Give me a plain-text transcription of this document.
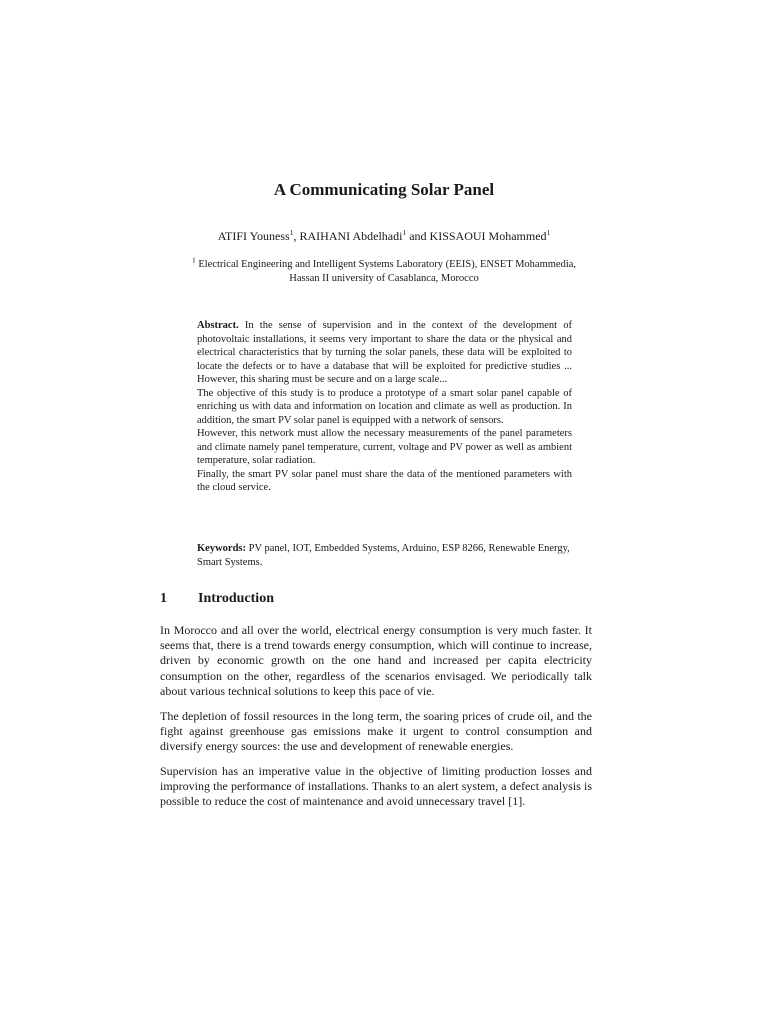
A Communicating Solar Panel
ATIFI Youness$^1$, RAIHANI Abdelhadi$^1$ and KISSAOUI Mohammed$^1$
$^1$ Electrical Engineering and Intelligent Systems Laboratory (EEIS), ENSET Mohammedia,
Hassan II university of Casablanca, Morocco

Abstract. In the sense of supervision and in the context of the development of photovoltaic installations, it seems very important to share the data or the physical and electrical characteristics that by turning the solar panels, these data will be exploited to locate the defects or to have a database that will be exploited for predictive studies ... However, this sharing must be secure and on a large scale...

The objective of this study is to produce a prototype of a smart solar panel capable of enriching us with data and information on location and climate as well as production. In addition, the smart PV solar panel is equipped with a network of sensors.

However, this network must allow the necessary measurements of the panel parameters and climate namely panel temperature, current, voltage and PV power as well as ambient temperature, solar radiation.

Finally, the smart PV solar panel must share the data of the mentioned parameters with the cloud service.

Keywords: PV panel, IOT, Embedded Systems, Arduino, ESP 8266, Renewable Energy, Smart Systems.

1 Introduction

In Morocco and all over the world, electrical energy consumption is very much faster. It seems that, there is a trend towards energy consumption, which will continue to increase, driven by economic growth on the one hand and increased per capita electricity consumption on the other, regardless of the scenarios envisaged. We periodically talk about various technical solutions to keep this pace of vie.

The depletion of fossil resources in the long term, the soaring prices of crude oil, and the fight against greenhouse gas emissions make it urgent to control consumption and diversify energy sources: the use and development of renewable energies.

Supervision has an imperative value in the objective of limiting production losses and improving the performance of installations. Thanks to an alert system, a defect analysis is possible to reduce the cost of maintenance and avoid unnecessary travel [1].
